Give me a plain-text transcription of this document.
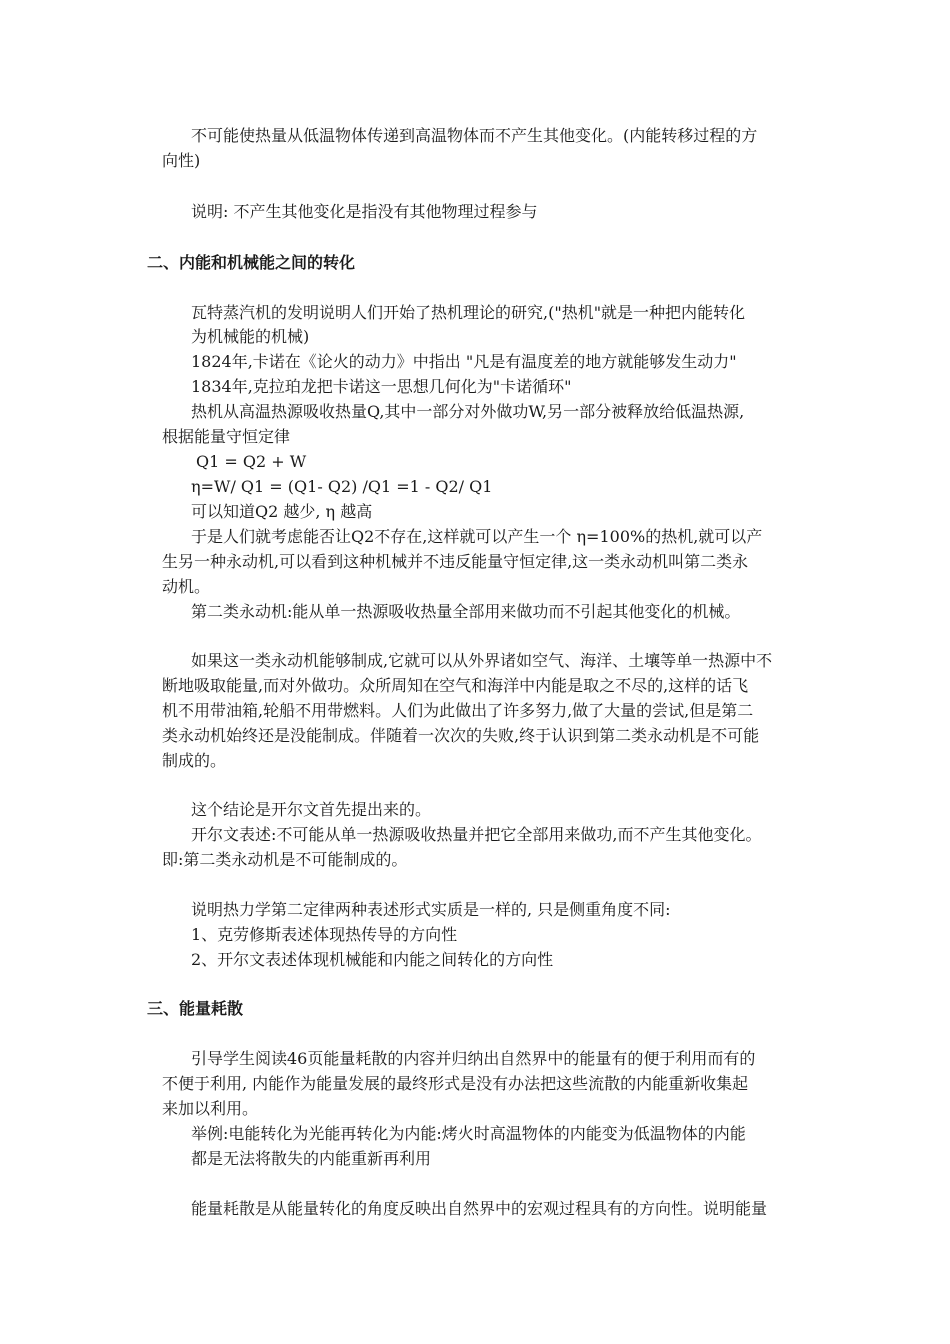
不可能使热量从低温物体传递到高温物体而不产生其他变化。(内能转移过程的方
向性)
说明: 不产生其他变化是指没有其他物理过程参与
二、内能和机械能之间的转化
瓦特蒸汽机的发明说明人们开始了热机理论的研究,("热机"就是一种把内能转化
为机械能的机械)
1824年,卡诺在《论火的动力》中指出 "凡是有温度差的地方就能够发生动力"
1834年,克拉珀龙把卡诺这一思想几何化为"卡诺循环"
热机从高温热源吸收热量Q,其中一部分对外做功W,另一部分被释放给低温热源,
根据能量守恒定律
Q1 = Q2 + W
η=W/ Q1 = (Q1- Q2) /Q1 =1 - Q2/ Q1
可以知道Q2 越少, η 越高
于是人们就考虑能否让Q2不存在,这样就可以产生一个 η=100%的热机,就可以产
生另一种永动机,可以看到这种机械并不违反能量守恒定律,这一类永动机叫第二类永
动机。
第二类永动机:能从单一热源吸收热量全部用来做功而不引起其他变化的机械。
如果这一类永动机能够制成,它就可以从外界诸如空气、海洋、土壤等单一热源中不
断地吸取能量,而对外做功。众所周知在空气和海洋中内能是取之不尽的,这样的话飞
机不用带油箱,轮船不用带燃料。人们为此做出了许多努力,做了大量的尝试,但是第二
类永动机始终还是没能制成。伴随着一次次的失败,终于认识到第二类永动机是不可能
制成的。
这个结论是开尔文首先提出来的。
开尔文表述:不可能从单一热源吸收热量并把它全部用来做功,而不产生其他变化。
即:第二类永动机是不可能制成的。
说明热力学第二定律两种表述形式实质是一样的, 只是侧重角度不同:
1、克劳修斯表述体现热传导的方向性
2、开尔文表述体现机械能和内能之间转化的方向性
三、能量耗散
引导学生阅读46页能量耗散的内容并归纳出自然界中的能量有的便于利用而有的
不便于利用, 内能作为能量发展的最终形式是没有办法把这些流散的内能重新收集起
来加以利用。
举例:电能转化为光能再转化为内能:烤火时高温物体的内能变为低温物体的内能
都是无法将散失的内能重新再利用
能量耗散是从能量转化的角度反映出自然界中的宏观过程具有的方向性。说明能量
